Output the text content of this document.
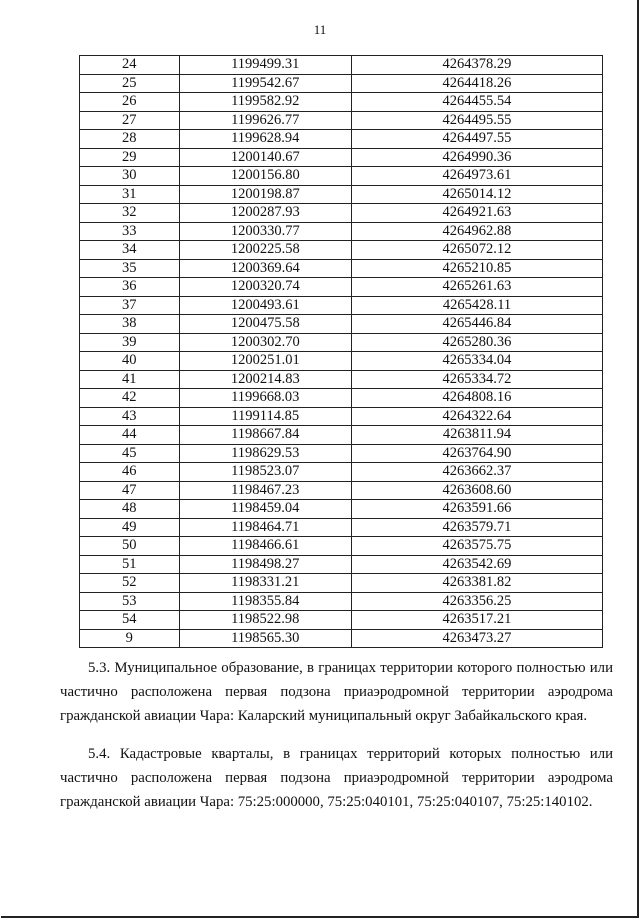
11
24	1199499.31	4264378.29
25	1199542.67	4264418.26
26	1199582.92	4264455.54
27	1199626.77	4264495.55
28	1199628.94	4264497.55
29	1200140.67	4264990.36
30	1200156.80	4264973.61
31	1200198.87	4265014.12
32	1200287.93	4264921.63
33	1200330.77	4264962.88
34	1200225.58	4265072.12
35	1200369.64	4265210.85
36	1200320.74	4265261.63
37	1200493.61	4265428.11
38	1200475.58	4265446.84
39	1200302.70	4265280.36
40	1200251.01	4265334.04
41	1200214.83	4265334.72
42	1199668.03	4264808.16
43	1199114.85	4264322.64
44	1198667.84	4263811.94
45	1198629.53	4263764.90
46	1198523.07	4263662.37
47	1198467.23	4263608.60
48	1198459.04	4263591.66
49	1198464.71	4263579.71
50	1198466.61	4263575.75
51	1198498.27	4263542.69
52	1198331.21	4263381.82
53	1198355.84	4263356.25
54	1198522.98	4263517.21
9	1198565.30	4263473.27

5.3. Муниципальное образование, в границах территории которого полностью или частично расположена первая подзона приаэродромной территории аэродрома гражданской авиации Чара: Каларский муниципальный округ Забайкальского края.

5.4. Кадастровые кварталы, в границах территорий которых полностью или частично расположена первая подзона приаэродромной территории аэродрома гражданской авиации Чара: 75:25:000000, 75:25:040101, 75:25:040107, 75:25:140102.
